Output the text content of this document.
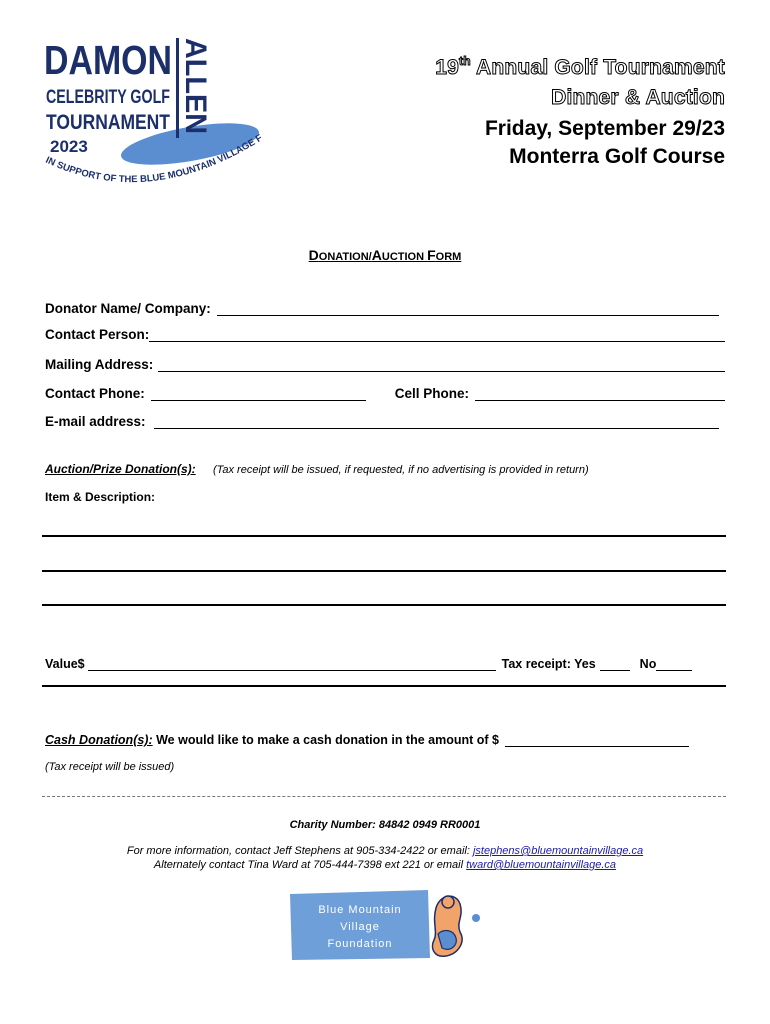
DAMON
CELEBRITY GOLF
TOURNAMENT
2023
ALLEN
IN SUPPORT OF THE BLUE MOUNTAIN VILLAGE F
19th Annual Golf Tournament
Dinner & Auction
Friday, September 29/23
Monterra Golf Course
DONATION/AUCTION FORM
Donator Name/ Company:
Contact Person:
Mailing Address:
Contact Phone:	Cell Phone:
E-mail address:
Auction/Prize Donation(s): (Tax receipt will be issued, if requested, if no advertising is provided in return)
Item & Description:
Value$	Tax receipt: Yes	No
Cash Donation(s): We would like to make a cash donation in the amount of $
(Tax receipt will be issued)
Charity Number: 84842 0949 RR0001
For more information, contact Jeff Stephens at 905-334-2422 or email: jstephens@bluemountainvillage.ca
Alternately contact Tina Ward at 705-444-7398 ext 221 or email tward@bluemountainvillage.ca
Blue Mountain
Village
Foundation
